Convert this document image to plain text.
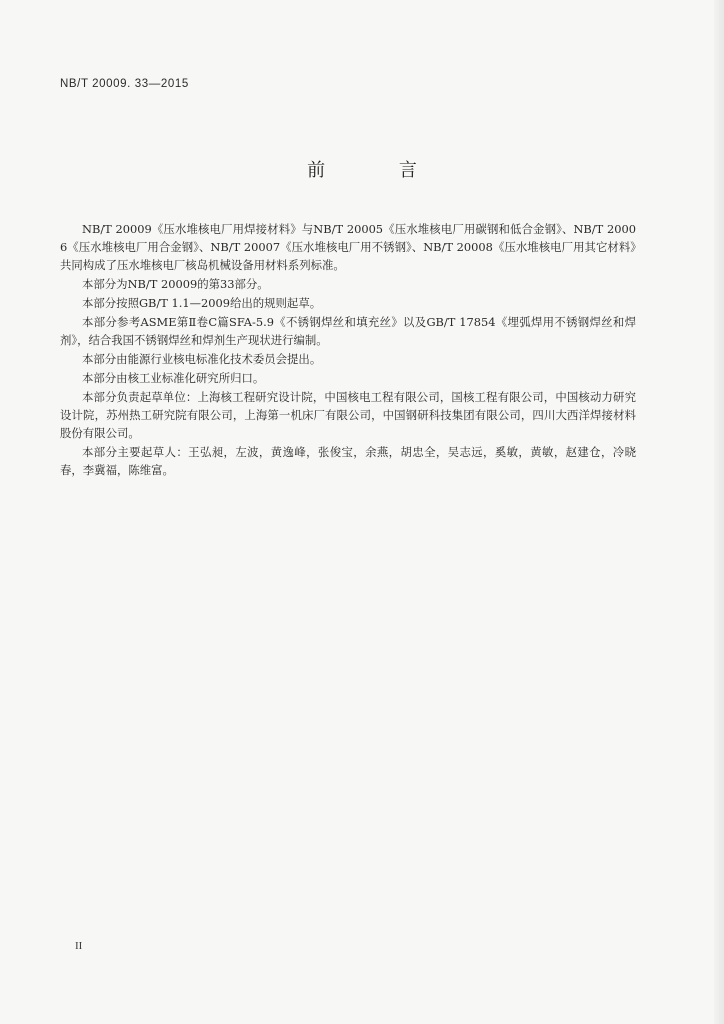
NB/T 20009. 33—2015
前 言

NB/T 20009《压水堆核电厂用焊接材料》与NB/T 20005《压水堆核电厂用碳钢和低合金钢》、NB/T 20006《压水堆核电厂用合金钢》、NB/T 20007《压水堆核电厂用不锈钢》、NB/T 20008《压水堆核电厂用其它材料》共同构成了压水堆核电厂核岛机械设备用材料系列标准。

本部分为NB/T 20009的第33部分。

本部分按照GB/T 1.1—2009给出的规则起草。

本部分参考ASME第Ⅱ卷C篇SFA-5.9《不锈钢焊丝和填充丝》以及GB/T 17854《埋弧焊用不锈钢焊丝和焊剂》，结合我国不锈钢焊丝和焊剂生产现状进行编制。

本部分由能源行业核电标准化技术委员会提出。

本部分由核工业标准化研究所归口。

本部分负责起草单位：上海核工程研究设计院，中国核电工程有限公司，国核工程有限公司，中国核动力研究设计院，苏州热工研究院有限公司，上海第一机床厂有限公司，中国钢研科技集团有限公司，四川大西洋焊接材料股份有限公司。

本部分主要起草人：王弘昶，左波，黄逸峰，张俊宝，余燕，胡忠全，吴志远，奚敏，黄敏，赵建仓，冷晓春，李冀福，陈维富。

II
